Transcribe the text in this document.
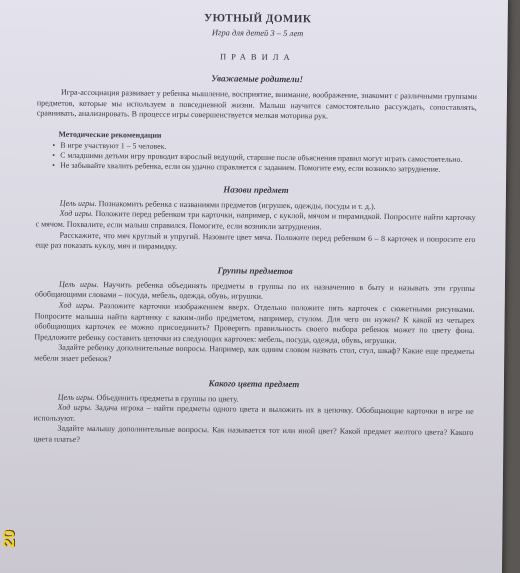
УЮТНЫЙ ДОМИК
Игра для детей 3 – 5 лет
ПРАВИЛА
Уважаемые родители!

Игра-ассоциация развивает у ребенка мышление, восприятие, внимание, воображение, знакомит с различными группами предметов, которые мы используем в повседневной жизни. Малыш научится самостоятельно рассуждать, сопоставлять, сравнивать, анализировать. В процессе игры совершенствуется мелкая моторика рук.

Методические рекомендации
• В игре участвуют 1 – 5 человек.
• С младшими детьми игру проводит взрослый ведущий, старшие после объяснения правил могут играть самостоятельно.
• Не забывайте хвалить ребенка, если он удачно справляется с заданием. Помогите ему, если возникло затруднение.
Назови предмет

Цель игры. Познакомить ребенка с названиями предметов (игрушек, одежды, посуды и т. д.).

Ход игры. Положите перед ребенком три карточки, например, с куклой, мячом и пирамидкой. Попросите найти карточку с мячом. Похвалите, если малыш справился. Помогите, если возникли затруднения.

Расскажите, что мяч круглый и упругий. Назовите цвет мяча. Положите перед ребенком 6 – 8 карточек и попросите его еще раз показать куклу, мяч и пирамидку.

Группы предметов

Цель игры. Научить ребенка объединять предметы в группы по их назначению в быту и называть эти группы обобщающими словами – посуда, мебель, одежда, обувь, игрушки.

Ход игры. Разложите карточки изображением вверх. Отдельно положите пять карточек с сюжетными рисунками. Попросите малыша найти картинку с каким-либо предметом, например, стулом. Для чего он нужен? К какой из четырех обобщающих карточек ее можно присоединить? Проверить правильность своего выбора ребенок может по цвету фона. Предложите ребенку составить цепочки из следующих карточек: мебель, посуда, одежда, обувь, игрушки.

Задайте ребенку дополнительные вопросы. Например, как одним словом назвать стол, стул, шкаф? Какие еще предметы мебели знает ребенок?

Какого цвета предмет

Цель игры. Объединить предметы в группы по цвету.

Ход игры. Задача игрока – найти предметы одного цвета и выложить их в цепочку. Обобщающие карточки в игре не используют.

Задайте малышу дополнительные вопросы. Как называется тот или иной цвет? Какой предмет желтого цвета? Какого цвета платье?

20
